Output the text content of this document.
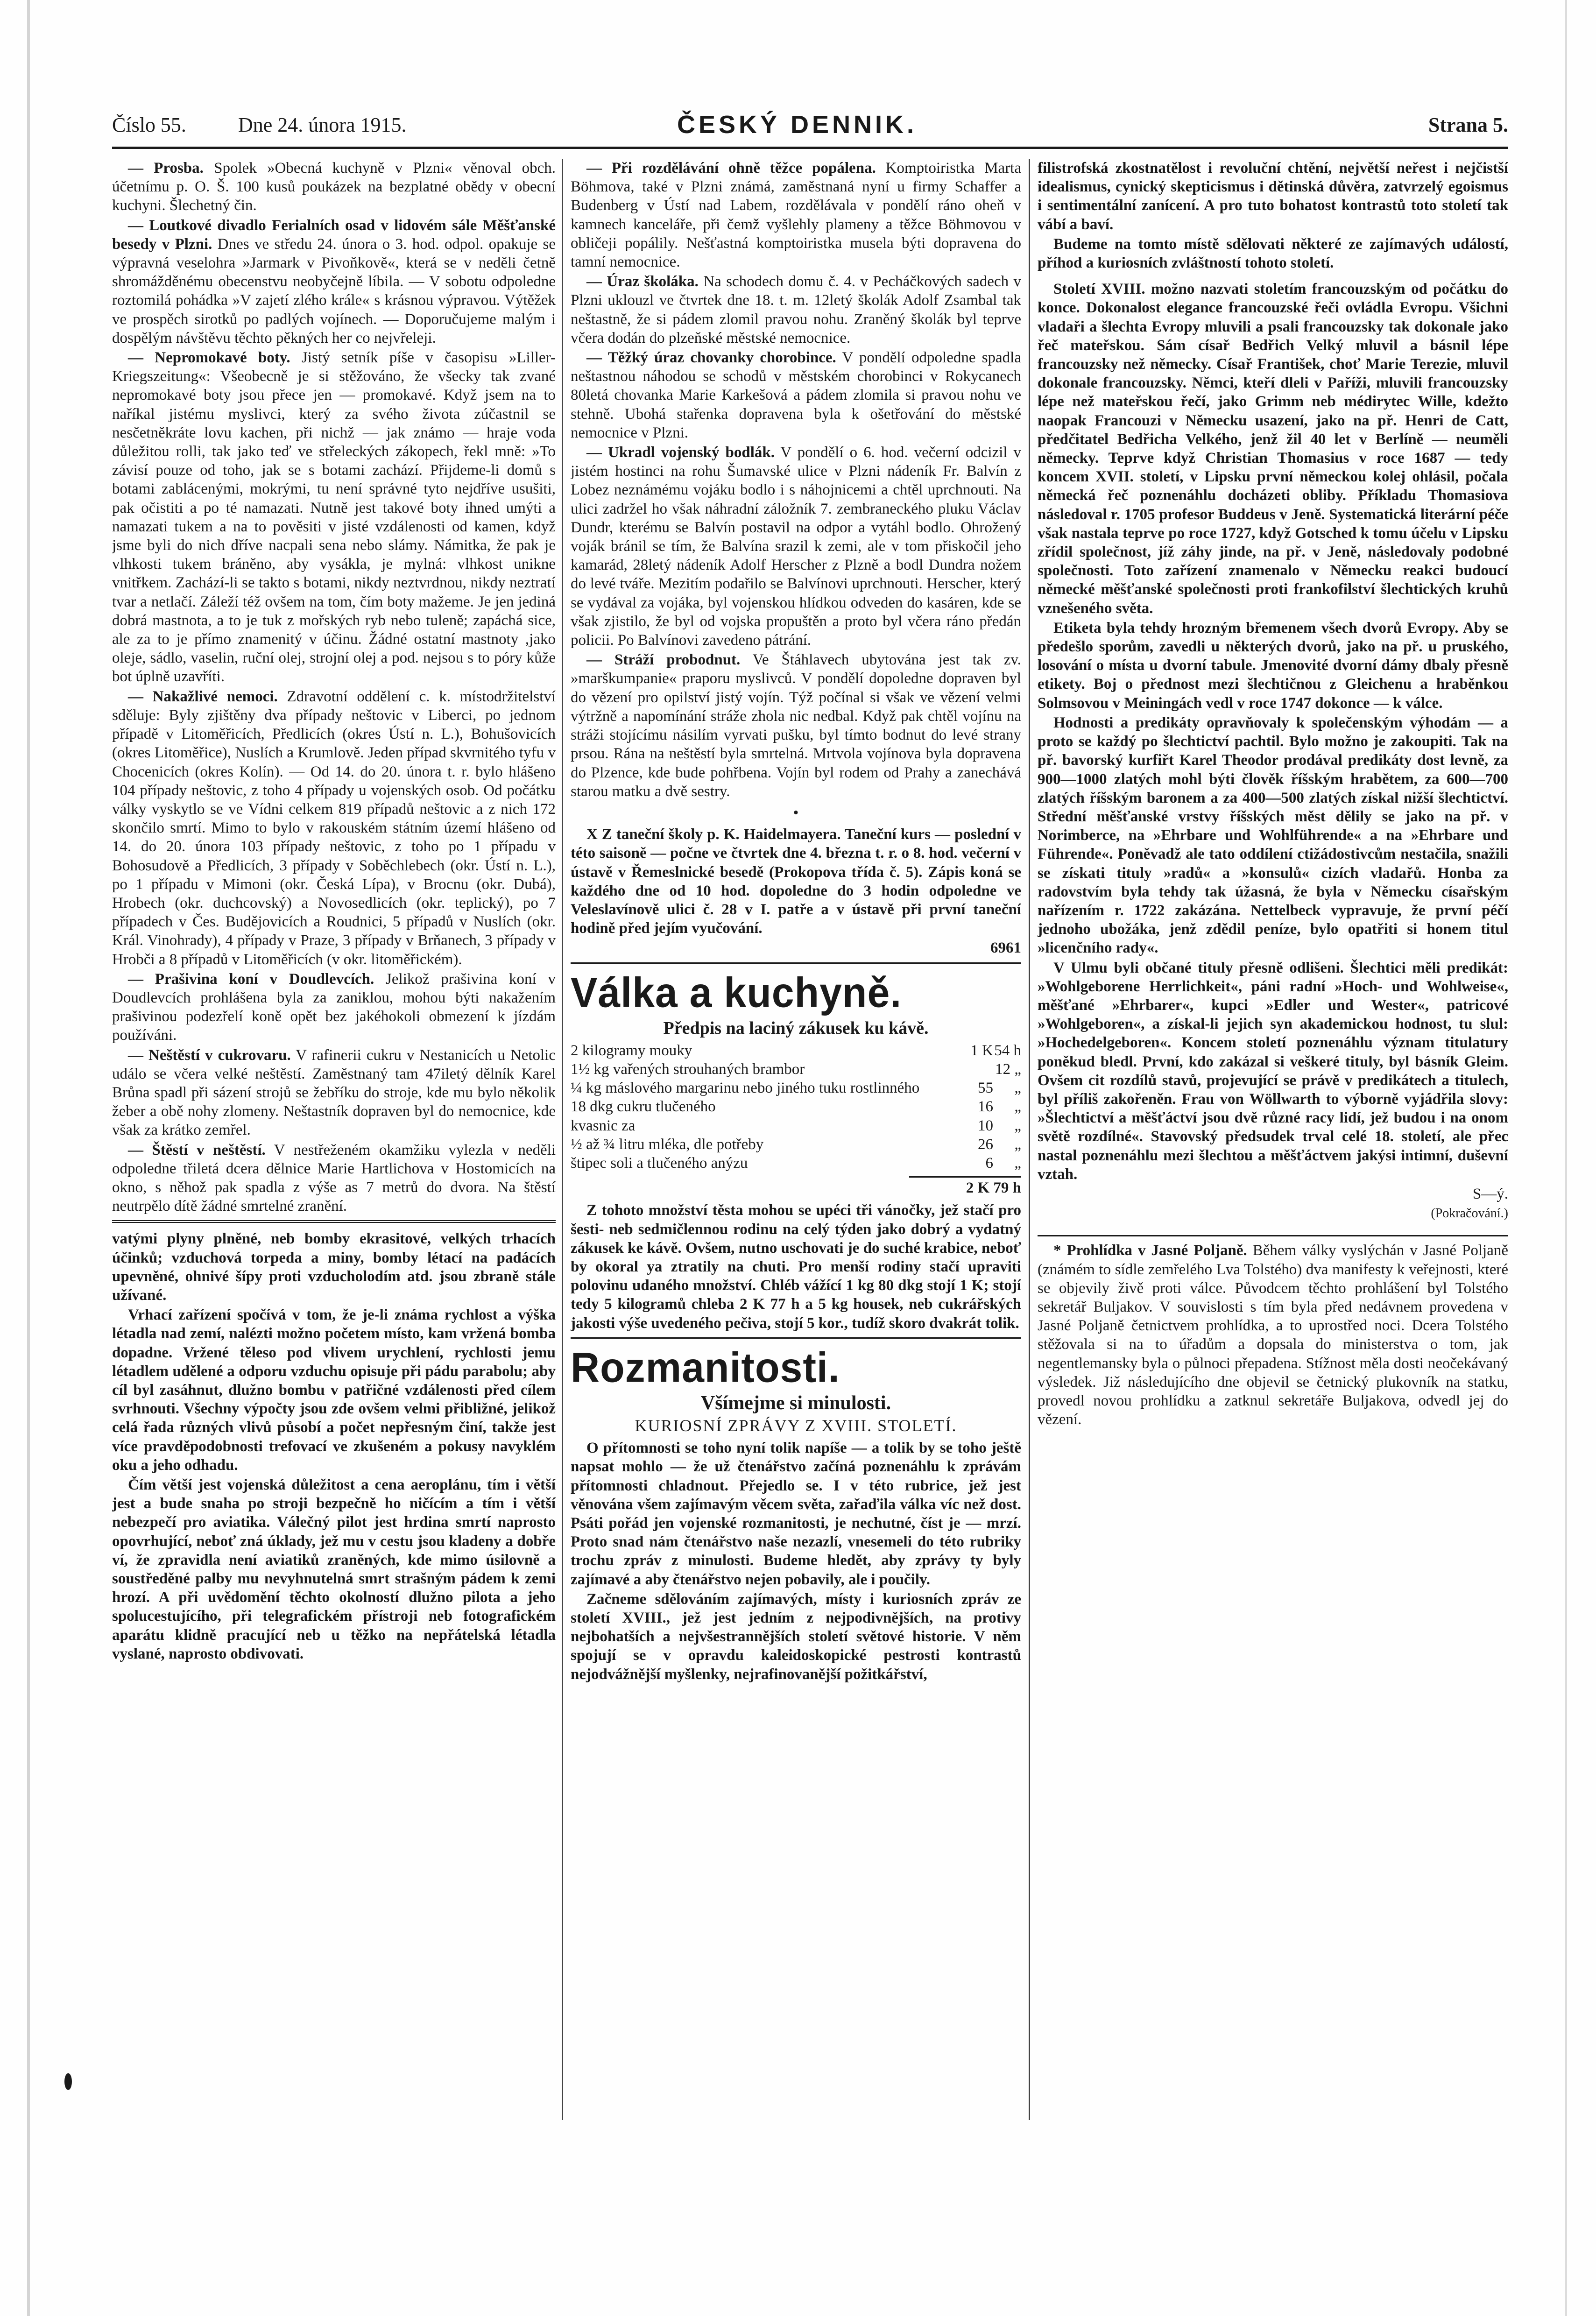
Číslo 55.	Dne 24. února 1915.	ČESKÝ DENNIK.	Strana 5.

— Prosba. Spolek »Obecná kuchyně v Plzni« věnoval obch. účetnímu p. O. Š. 100 kusů poukázek na bezplatné obědy v obecní kuchyni. Šlechetný čin.

— Loutkové divadlo Ferialních osad v lidovém sále Měšťanské besedy v Plzni. Dnes ve středu 24. února o 3. hod. odpol. opakuje se výpravná veselohra »Jarmark v Pivoňkově«, která se v neděli četně shromážděnému obecenstvu neobyčejně líbila. — V sobotu odpoledne roztomilá pohádka »V zajetí zlého krále« s krásnou výpravou. Výtěžek ve prospěch sirotků po padlých vojínech. — Doporučujeme malým i dospělým návštěvu těchto pěkných her co nejvřeleji.

— Nepromokavé boty. Jistý setník píše v časopisu »Liller-Kriegszeitung«: Všeobecně je si stěžováno, že všecky tak zvané nepromokavé boty jsou přece jen — promokavé. Když jsem na to naříkal jistému myslivci, který za svého života zúčastnil se nesčetněkráte lovu kachen, při nichž — jak známo — hraje voda důležitou rolli, tak jako teď ve střeleckých zákopech, řekl mně: »To závisí pouze od toho, jak se s botami zachází. Přijdeme-li domů s botami zablácenými, mokrými, tu není správné tyto nejdříve usušiti, pak očistiti a po té namazati. Nutně jest takové boty ihned umýti a namazati tukem a na to pověsiti v jisté vzdálenosti od kamen, když jsme byli do nich dříve nacpali sena nebo slámy. Námitka, že pak je vlhkosti tukem bráněno, aby vysákla, je mylná: vlhkost unikne vnitřkem. Zachází-li se takto s botami, nikdy neztvrdnou, nikdy neztratí tvar a netlačí. Záleží též ovšem na tom, čím boty mažeme. Je jen jediná dobrá mastnota, a to je tuk z mořských ryb nebo tuleně; zapáchá sice, ale za to je přímo znamenitý v účinu. Žádné ostatní mastnoty ,jako oleje, sádlo, vaselin, ruční olej, strojní olej a pod. nejsou s to póry kůže bot úplně uzavříti.

— Nakažlivé nemoci. Zdravotní oddělení c. k. místodržitelství sděluje: Byly zjištěny dva případy neštovic v Liberci, po jednom případě v Litoměřicích, Předlicích (okres Ústí n. L.), Bohušovicích (okres Litoměřice), Nuslích a Krumlově. Jeden případ skvrnitého tyfu v Chocenicích (okres Kolín). — Od 14. do 20. února t. r. bylo hlášeno 104 případy neštovic, z toho 4 případy u vojenských osob. Od počátku války vyskytlo se ve Vídni celkem 819 případů neštovic a z nich 172 skončilo smrtí. Mimo to bylo v rakouském státním území hlášeno od 14. do 20. února 103 případy neštovic, z toho po 1 případu v Bohosudově a Předlicích, 3 případy v Soběchlebech (okr. Ústí n. L.), po 1 případu v Mimoni (okr. Česká Lípa), v Brocnu (okr. Dubá), Hrobech (okr. duchcovský) a Novosedlicích (okr. teplický), po 7 případech v Čes. Budějovicích a Roudnici, 5 případů v Nuslích (okr. Král. Vinohrady), 4 případy v Praze, 3 případy v Brňanech, 3 případy v Hrobči a 8 případů v Litoměřicích (v okr. litoměřickém).

— Prašivina koní v Doudlevcích. Jelikož prašivina koní v Doudlevcích prohlášena byla za zaniklou, mohou býti nakažením prašivinou podezřelí koně opět bez jakéhokoli obmezení k jízdám používáni.

— Neštěstí v cukrovaru. V rafinerii cukru v Nestanicích u Netolic událo se včera velké neštěstí. Zaměstnaný tam 47iletý dělník Karel Brůna spadl při sázení strojů se žebříku do stroje, kde mu bylo několik žeber a obě nohy zlomeny. Neštastník dopraven byl do nemocnice, kde však za krátko zemřel.

— Štěstí v neštěstí. V nestřeženém okamžiku vylezla v neděli odpoledne třiletá dcera dělnice Marie Hartlichova v Hostomicích na okno, s něhož pak spadla z výše as 7 metrů do dvora. Na štěstí neutrpělo dítě žádné smrtelné zranění.

vatými plyny plněné, neb bomby ekrasitové, velkých trhacích účinků; vzduchová torpeda a miny, bomby létací na padácích upevněné, ohnivé šípy proti vzducholodím atd. jsou zbraně stále užívané.

Vrhací zařízení spočívá v tom, že je-li známa rychlost a výška létadla nad zemí, nalézti možno početem místo, kam vržená bomba dopadne. Vržené těleso pod vlivem urychlení, rychlosti jemu létadlem udělené a odporu vzduchu opisuje při pádu parabolu; aby cíl byl zasáhnut, dlužno bombu v patřičné vzdálenosti před cílem svrhnouti. Všechny výpočty jsou zde ovšem velmi přibližné, jelikož celá řada různých vlivů působí a počet nepřesným činí, takže jest více pravděpodobnosti trefovací ve zkušeném a pokusy navyklém oku a jeho odhadu.

Čím větší jest vojenská důležitost a cena aeroplánu, tím i větší jest a bude snaha po stroji bezpečně ho ničícím a tím i větší nebezpečí pro aviatika. Válečný pilot jest hrdina smrtí naprosto opovrhující, neboť zná úklady, jež mu v cestu jsou kladeny a dobře ví, že zpravidla není aviatiků zraněných, kde mimo úsilovně a soustředěné palby mu nevyhnutelná smrt strašným pádem k zemi hrozí. A při uvědomění těchto okolností dlužno pilota a jeho spolucestujícího, při telegrafickém přístroji neb fotografickém aparátu klidně pracující neb u těžko na nepřátelská létadla vyslané, naprosto obdivovati.

— Při rozdělávání ohně těžce popálena. Komptoiristka Marta Böhmova, také v Plzni známá, zaměstnaná nyní u firmy Schaffer a Budenberg v Ústí nad Labem, rozdělávala v pondělí ráno oheň v kamnech kanceláře, při čemž vyšlehly plameny a těžce Böhmovou v obličeji popálily. Nešťastná komptoiristka musela býti dopravena do tamní nemocnice.

— Úraz školáka. Na schodech domu č. 4. v Pecháčkových sadech v Plzni uklouzl ve čtvrtek dne 18. t. m. 12letý školák Adolf Zsambal tak neštastně, že si pádem zlomil pravou nohu. Zraněný školák byl teprve včera dodán do plzeňské městské nemocnice.

— Těžký úraz chovanky chorobince. V pondělí odpoledne spadla neštastnou náhodou se schodů v městském chorobinci v Rokycanech 80letá chovanka Marie Karkešová a pádem zlomila si pravou nohu ve stehně. Ubohá stařenka dopravena byla k ošetřování do městské nemocnice v Plzni.

— Ukradl vojenský bodlák. V pondělí o 6. hod. večerní odcizil v jistém hostinci na rohu Šumavské ulice v Plzni nádeník Fr. Balvín z Lobez neznámému vojáku bodlo i s náhojnicemi a chtěl uprchnouti. Na ulici zadržel ho však náhradní záložník 7. zembraneckého pluku Václav Dundr, kterému se Balvín postavil na odpor a vytáhl bodlo. Ohrožený voják bránil se tím, že Balvína srazil k zemi, ale v tom přiskočil jeho kamarád, 28letý nádeník Adolf Herscher z Plzně a bodl Dundra nožem do levé tváře. Mezitím podařilo se Balvínovi uprchnouti. Herscher, který se vydával za vojáka, byl vojenskou hlídkou odveden do kasáren, kde se však zjistilo, že byl od vojska propuštěn a proto byl včera ráno předán policii. Po Balvínovi zavedeno pátrání.

— Stráží probodnut. Ve Štáhlavech ubytována jest tak zv. »marškumpanie« praporu myslivců. V pondělí dopoledne dopraven byl do vězení pro opilství jistý vojín. Týž počínal si však ve vězení velmi výtržně a napomínání stráže zhola nic nedbal. Když pak chtěl vojínu na stráži stojícímu násilím vyrvati pušku, byl tímto bodnut do levé strany prsou. Rána na neštěstí byla smrtelná. Mrtvola vojínova byla dopravena do Plzence, kde bude pohřbena. Vojín byl rodem od Prahy a zanechává starou matku a dvě sestry.

•

X Z taneční školy p. K. Haidelmayera. Taneční kurs — poslední v této saisoně — počne ve čtvrtek dne 4. března t. r. o 8. hod. večerní v ústavě v Řemeslnické besedě (Prokopova třída č. 5). Zápis koná se každého dne od 10 hod. dopoledne do 3 hodin odpoledne ve Veleslavínově ulici č. 28 v I. patře a v ústavě při první taneční hodině před jejím vyučování.

6961

Válka a kuchyně.
Předpis na laciný zákusek ku kávě.
2 kilogramy mouky	1 K 54 h
1½ kg vařených strouhaných brambor	12 „
¼ kg máslového margarinu nebo jiného tuku rostlinného	55	„
18 dkg cukru tlučeného	16	„
kvasnic za	10	„
½ až ¾ litru mléka, dle potřeby	26	„
štipec soli a tlučeného anýzu	6	„
2 K 79 h

Z tohoto množství těsta mohou se upéci tři vánočky, jež stačí pro šesti- neb sedmičlennou rodinu na celý týden jako dobrý a vydatný zákusek ke kávě. Ovšem, nutno uschovati je do suché krabice, neboť by okoral ya ztratily na chuti. Pro menší rodiny stačí upraviti polovinu udaného množství. Chléb vážící 1 kg 80 dkg stojí 1 K; stojí tedy 5 kilogramů chleba 2 K 77 h a 5 kg housek, neb cukrářských jakosti výše uvedeného pečiva, stojí 5 kor., tudíž skoro dvakrát tolik.

Rozmanitosti.
Všímejme si minulosti.
KURIOSNÍ ZPRÁVY Z XVIII. STOLETÍ.

O přítomnosti se toho nyní tolik napíše — a tolik by se toho ještě napsat mohlo — že už čtenářstvo začíná poznenáhlu k zprávám přítomnosti chladnout. Přejedlo se. I v této rubrice, jež jest věnována všem zajímavým věcem světa, zařaďila válka víc než dost. Psáti pořád jen vojenské rozmanitosti, je nechutné, číst je — mrzí. Proto snad nám čtenářstvo naše nezazlí, vnesemeli do této rubriky trochu zpráv z minulosti. Budeme hledět, aby zprávy ty byly zajímavé a aby čtenářstvo nejen pobavily, ale i poučily.

Začneme sdělováním zajímavých, místy i kuriosních zpráv ze století XVIII., jež jest jedním z nejpodivnějších, na protivy nejbohatších a nejvšestrannějších století světové historie. V něm spojují se v opravdu kaleidoskopické pestrosti kontrastů nejodvážnější myšlenky, nejrafinovanější požitkářství,

filistrofská zkostnatělost i revoluční chtění, největší neřest i nejčistší idealismus, cynický skepticismus i dětinská důvěra, zatvrzelý egoismus i sentimentální zanícení. A pro tuto bohatost kontrastů toto století tak vábí a baví.

Budeme na tomto místě sdělovati některé ze zajímavých událostí, příhod a kuriosních zvláštností tohoto století.

Století XVIII. možno nazvati stoletím francouzským od počátku do konce. Dokonalost elegance francouzské řeči ovládla Evropu. Všichni vladaři a šlechta Evropy mluvili a psali francouzsky tak dokonale jako řeč mateřskou. Sám císař Bedřich Velký mluvil a básnil lépe francouzsky než německy. Císař František, choť Marie Terezie, mluvil dokonale francouzsky. Němci, kteří dleli v Paříži, mluvili francouzsky lépe než mateřskou řečí, jako Grimm neb médirytec Wille, kdežto naopak Francouzi v Německu usazení, jako na př. Henri de Catt, předčitatel Bedřicha Velkého, jenž žil 40 let v Berlíně — neuměli německy. Teprve když Christian Thomasius v roce 1687 — tedy koncem XVII. století, v Lipsku první německou kolej ohlásil, počala německá řeč poznenáhlu docházeti obliby. Příkladu Thomasiova následoval r. 1705 profesor Buddeus v Jeně. Systematická literární péče však nastala teprve po roce 1727, když Gotsched k tomu účelu v Lipsku zřídil společnost, jíž záhy jinde, na př. v Jeně, následovaly podobné společnosti. Toto zařízení znamenalo v Německu reakci budoucí německé měšťanské společnosti proti frankofilství šlechtických kruhů vznešeného světa.

Etiketa byla tehdy hrozným břemenem všech dvorů Evropy. Aby se předešlo sporům, zavedli u některých dvorů, jako na př. u pruského, losování o místa u dvorní tabule. Jmenovité dvorní dámy dbaly přesně etikety. Boj o přednost mezi šlechtičnou z Gleichenu a hraběnkou Solmsovou v Meiningách vedl v roce 1747 dokonce — k válce.

Hodnosti a predikáty opravňovaly k společenským výhodám — a proto se každý po šlechtictví pachtil. Bylo možno je zakoupiti. Tak na př. bavorský kurfiřt Karel Theodor prodával predikáty dost levně, za 900—1000 zlatých mohl býti člověk říšským hrabětem, za 600—700 zlatých říšským baronem a za 400—500 zlatých získal nižší šlechtictví. Střední měšťanské vrstvy říšských měst dělily se jako na př. v Norimberce, na »Ehrbare und Wohlführende« a na »Ehrbare und Führende«. Poněvadž ale tato oddílení ctižádostivcům nestačila, snažili se získati tituly »radů« a »konsulů« cizích vladařů. Honba za radovstvím byla tehdy tak úžasná, že byla v Německu císařským nařízením r. 1722 zakázána. Nettelbeck vypravuje, že první péčí jednoho ubožáka, jenž zdědil peníze, bylo opatřiti si honem titul »licenčního rady«.

V Ulmu byli občané tituly přesně odlišeni. Šlechtici měli predikát: »Wohlgeborene Herrlichkeit«, páni radní »Hoch- und Wohlweise«, měšťané »Ehrbarer«, kupci »Edler und Wester«, patricové »Wohlgeboren«, a získal-li jejich syn akademickou hodnost, tu slul: »Hochedelgeboren«. Koncem století poznenáhlu význam titulatury poněkud bledl. První, kdo zakázal si veškeré tituly, byl básník Gleim. Ovšem cit rozdílů stavů, projevující se právě v predikátech a titulech, byl příliš zakořeněn. Frau von Wöllwarth to výborně vyjádřila slovy: »Šlechtictví a měšťáctví jsou dvě různé racy lidí, jež budou i na onom světě rozdílné«. Stavovský předsudek trval celé 18. století, ale přec nastal poznenáhlu mezi šlechtou a měšťáctvem jakýsi intimní, duševní vztah.

S—ý.

(Pokračování.)

* Prohlídka v Jasné Poljaně. Během války vyslýchán v Jasné Poljaně (známém to sídle zemřelého Lva Tolstého) dva manifesty k veřejnosti, které se objevily živě proti válce. Původcem těchto prohlášení byl Tolstého sekretář Buljakov. V souvislosti s tím byla před nedávnem provedena v Jasné Poljaně četnictvem prohlídka, a to uprostřed noci. Dcera Tolstého stěžovala si na to úřadům a dopsala do ministerstva o tom, jak negentlemansky byla o půlnoci přepadena. Stížnost měla dosti neočekávaný výsledek. Již následujícího dne objevil se četnický plukovník na statku, provedl novou prohlídku a zatknul sekretáře Buljakova, odvedl jej do vězení.
